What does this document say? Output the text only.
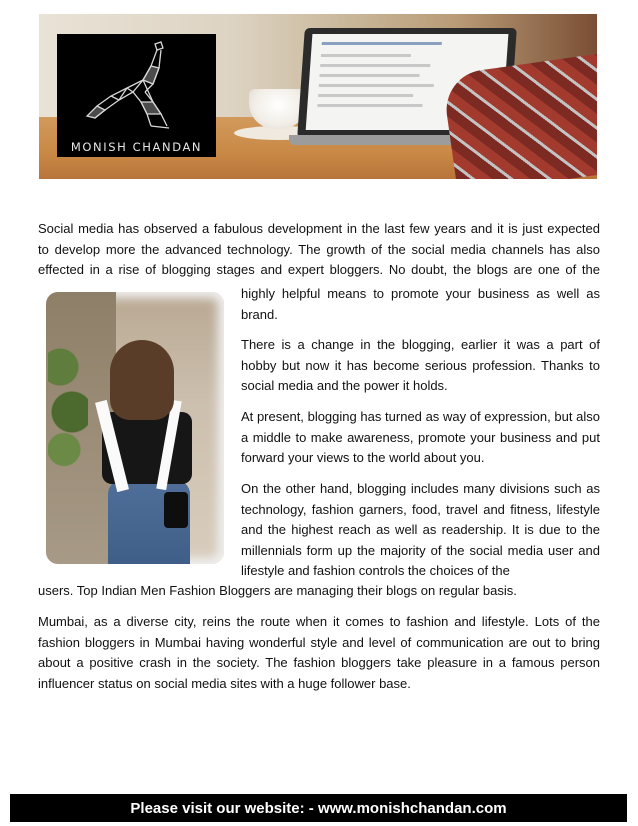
MONISH CHANDAN
Social media has observed a fabulous development in the last few years and it is just expected
to develop more the advanced technology. The growth of the social media channels has also
effected in a rise of blogging stages and expert bloggers. No doubt, the blogs are one of the
highly helpful means to promote your business as well as brand.
There is a change in the blogging, earlier it was a part of hobby but now it has become serious profession. Thanks to social media and the power it holds.
At present, blogging has turned as way of expression, but also a middle to make awareness, promote your business and put forward your views to the world about you.
On the other hand, blogging includes many divisions such as technology, fashion garners, food, travel and fitness, lifestyle and the highest reach as well as readership. It is due to the millennials form up the majority of the social media user and lifestyle and fashion controls the choices of the
users. Top Indian Men Fashion Bloggers are managing their blogs on regular basis.
Mumbai, as a diverse city, reins the route when it comes to fashion and lifestyle. Lots of the fashion bloggers in Mumbai having wonderful style and level of communication are out to bring about a positive crash in the society. The fashion bloggers take pleasure in a famous person influencer status on social media sites with a huge follower base.
Please visit our website: - www.monishchandan.com
